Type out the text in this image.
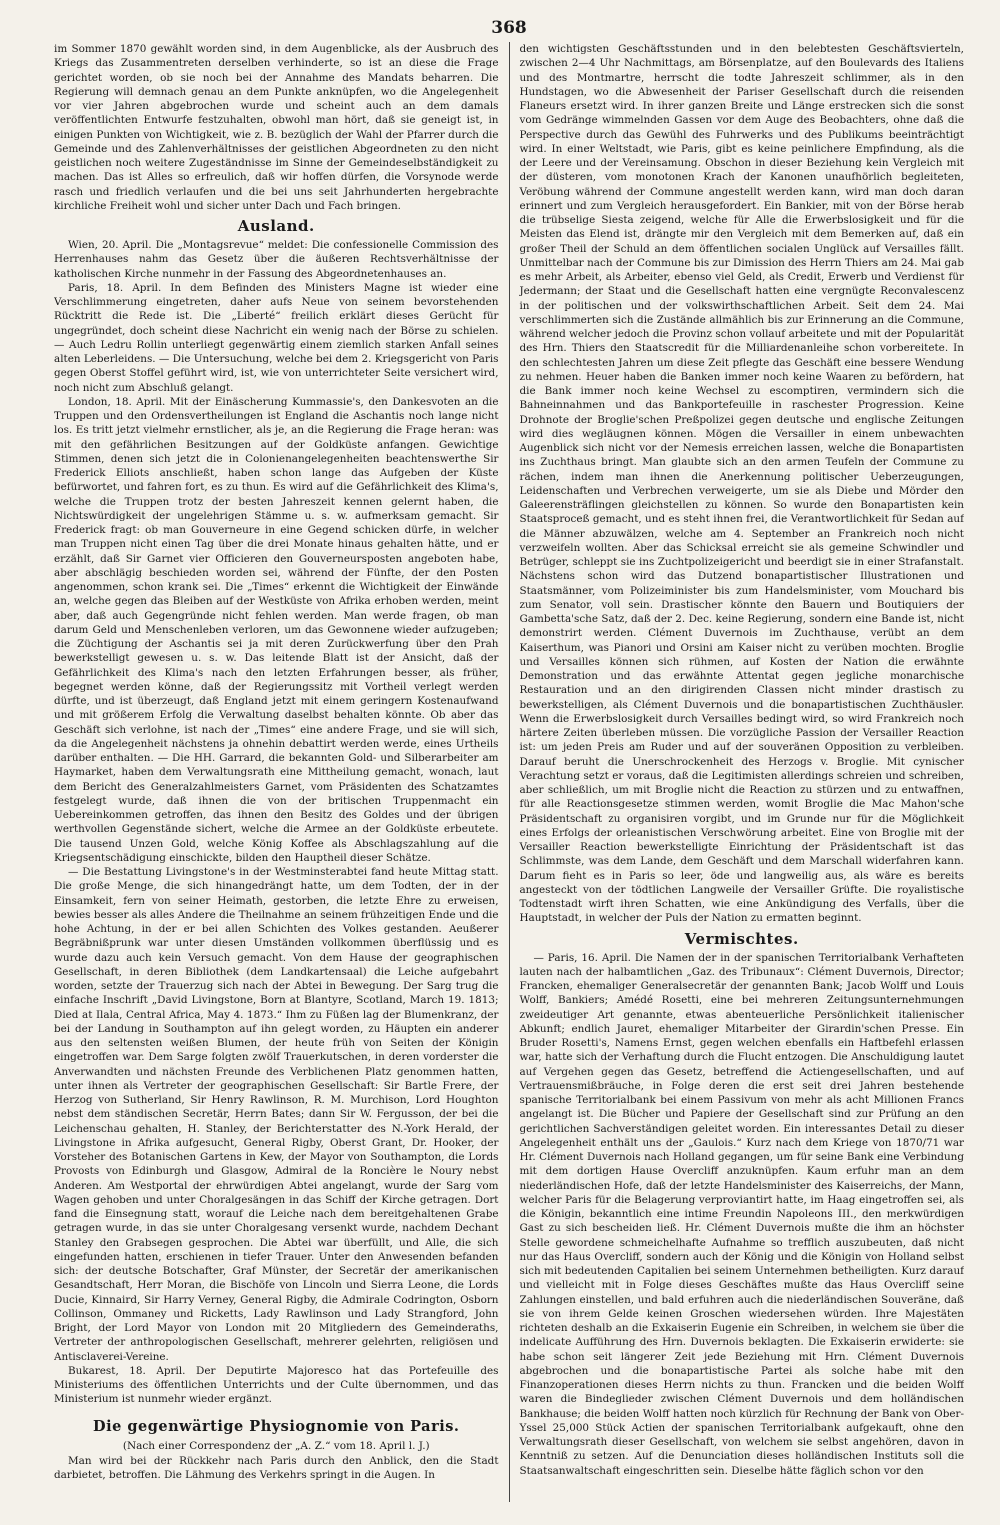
368

im Sommer 1870 gewählt worden sind, in dem Augenblicke, als der Ausbruch des Kriegs das Zusammentreten derselben verhinderte, so ist an diese die Frage gerichtet worden, ob sie noch bei der Annahme des Mandats beharren. Die Regierung will demnach genau an dem Punkte anknüpfen, wo die Angelegenheit vor vier Jahren abgebrochen wurde und scheint auch an dem damals veröffentlichten Entwurfe festzuhalten, obwohl man hört, daß sie geneigt ist, in einigen Punkten von Wichtigkeit, wie z. B. bezüglich der Wahl der Pfarrer durch die Gemeinde und des Zahlenverhältnisses der geistlichen Abgeordneten zu den nicht geistlichen noch weitere Zugeständnisse im Sinne der Gemeindeselbständigkeit zu machen. Das ist Alles so erfreulich, daß wir hoffen dürfen, die Vorsynode werde rasch und friedlich verlaufen und die bei uns seit Jahrhunderten hergebrachte kirchliche Freiheit wohl und sicher unter Dach und Fach bringen.

Ausland.

Wien, 20. April. Die „Montagsrevue“ meldet: Die confessionelle Commission des Herrenhauses nahm das Gesetz über die äußeren Rechtsverhältnisse der katholischen Kirche nunmehr in der Fassung des Abgeordnetenhauses an.

Paris, 18. April. In dem Befinden des Ministers Magne ist wieder eine Verschlimmerung eingetreten, daher aufs Neue von seinem bevorstehenden Rücktritt die Rede ist. Die „Liberté“ freilich erklärt dieses Gerücht für ungegründet, doch scheint diese Nachricht ein wenig nach der Börse zu schielen. — Auch Ledru Rollin unterliegt gegenwärtig einem ziemlich starken Anfall seines alten Leberleidens. — Die Untersuchung, welche bei dem 2. Kriegsgericht von Paris gegen Oberst Stoffel geführt wird, ist, wie von unterrichteter Seite versichert wird, noch nicht zum Abschluß gelangt.

London, 18. April. Mit der Einäscherung Kummassie's, den Dankesvoten an die Truppen und den Ordensvertheilungen ist England die Aschantis noch lange nicht los. Es tritt jetzt vielmehr ernstlicher, als je, an die Regierung die Frage heran: was mit den gefährlichen Besitzungen auf der Goldküste anfangen. Gewichtige Stimmen, denen sich jetzt die in Colonienangelegenheiten beachtenswerthe Sir Frederick Elliots anschließt, haben schon lange das Aufgeben der Küste befürwortet, und fahren fort, es zu thun. Es wird auf die Gefährlichkeit des Klima's, welche die Truppen trotz der besten Jahreszeit kennen gelernt haben, die Nichtswürdigkeit der ungelehrigen Stämme u. s. w. aufmerksam gemacht. Sir Frederick fragt: ob man Gouverneure in eine Gegend schicken dürfe, in welcher man Truppen nicht einen Tag über die drei Monate hinaus gehalten hätte, und er erzählt, daß Sir Garnet vier Officieren den Gouverneursposten angeboten habe, aber abschlägig beschieden worden sei, während der Fünfte, der den Posten angenommen, schon krank sei. Die „Times“ erkennt die Wichtigkeit der Einwände an, welche gegen das Bleiben auf der Westküste von Afrika erhoben werden, meint aber, daß auch Gegengründe nicht fehlen werden. Man werde fragen, ob man darum Geld und Menschenleben verloren, um das Gewonnene wieder aufzugeben; die Züchtigung der Aschantis sei ja mit deren Zurückwerfung über den Prah bewerkstelligt gewesen u. s. w. Das leitende Blatt ist der Ansicht, daß der Gefährlichkeit des Klima's nach den letzten Erfahrungen besser, als früher, begegnet werden könne, daß der Regierungssitz mit Vortheil verlegt werden dürfte, und ist überzeugt, daß England jetzt mit einem geringern Kostenaufwand und mit größerem Erfolg die Verwaltung daselbst behalten könnte. Ob aber das Geschäft sich verlohne, ist nach der „Times“ eine andere Frage, und sie will sich, da die Angelegenheit nächstens ja ohnehin debattirt werden werde, eines Urtheils darüber enthalten. — Die HH. Garrard, die bekannten Gold- und Silberarbeiter am Haymarket, haben dem Verwaltungsrath eine Mittheilung gemacht, wonach, laut dem Bericht des Generalzahlmeisters Garnet, vom Präsidenten des Schatzamtes festgelegt wurde, daß ihnen die von der britischen Truppenmacht ein Uebereinkommen getroffen, das ihnen den Besitz des Goldes und der übrigen werthvollen Gegenstände sichert, welche die Armee an der Goldküste erbeutete. Die tausend Unzen Gold, welche König Koffee als Abschlagszahlung auf die Kriegsentschädigung einschickte, bilden den Hauptheil dieser Schätze.

— Die Bestattung Livingstone's in der Westminsterabtei fand heute Mittag statt. Die große Menge, die sich hinangedrängt hatte, um dem Todten, der in der Einsamkeit, fern von seiner Heimath, gestorben, die letzte Ehre zu erweisen, bewies besser als alles Andere die Theilnahme an seinem frühzeitigen Ende und die hohe Achtung, in der er bei allen Schichten des Volkes gestanden. Aeußerer Begräbnißprunk war unter diesen Umständen vollkommen überflüssig und es wurde dazu auch kein Versuch gemacht. Von dem Hause der geographischen Gesellschaft, in deren Bibliothek (dem Landkartensaal) die Leiche aufgebahrt worden, setzte der Trauerzug sich nach der Abtei in Bewegung. Der Sarg trug die einfache Inschrift „David Livingstone, Born at Blantyre, Scotland, March 19. 1813; Died at Ilala, Central Africa, May 4. 1873.“ Ihm zu Füßen lag der Blumenkranz, der bei der Landung in Southampton auf ihn gelegt worden, zu Häupten ein anderer aus den seltensten weißen Blumen, der heute früh von Seiten der Königin eingetroffen war. Dem Sarge folgten zwölf Trauerkutschen, in deren vorderster die Anverwandten und nächsten Freunde des Verblichenen Platz genommen hatten, unter ihnen als Vertreter der geographischen Gesellschaft: Sir Bartle Frere, der Herzog von Sutherland, Sir Henry Rawlinson, R. M. Murchison, Lord Houghton nebst dem ständischen Secretär, Herrn Bates; dann Sir W. Fergusson, der bei die Leichenschau gehalten, H. Stanley, der Berichterstatter des N.-York Herald, der Livingstone in Afrika aufgesucht, General Rigby, Oberst Grant, Dr. Hooker, der Vorsteher des Botanischen Gartens in Kew, der Mayor von Southampton, die Lords Provosts von Edinburgh und Glasgow, Admiral de la Roncière le Noury nebst Anderen. Am Westportal der ehrwürdigen Abtei angelangt, wurde der Sarg vom Wagen gehoben und unter Choralgesängen in das Schiff der Kirche getragen. Dort fand die Einsegnung statt, worauf die Leiche nach dem bereitgehaltenen Grabe getragen wurde, in das sie unter Choralgesang versenkt wurde, nachdem Dechant Stanley den Grabsegen gesprochen. Die Abtei war überfüllt, und Alle, die sich eingefunden hatten, erschienen in tiefer Trauer. Unter den Anwesenden befanden sich: der deutsche Botschafter, Graf Münster, der Secretär der amerikanischen Gesandtschaft, Herr Moran, die Bischöfe von Lincoln und Sierra Leone, die Lords Ducie, Kinnaird, Sir Harry Verney, General Rigby, die Admirale Codrington, Osborn Collinson, Ommaney und Ricketts, Lady Rawlinson und Lady Strangford, John Bright, der Lord Mayor von London mit 20 Mitgliedern des Gemeinderaths, Vertreter der anthropologischen Gesellschaft, mehrerer gelehrten, religiösen und Antisclaverei-Vereine.

Bukarest, 18. April. Der Deputirte Majoresco hat das Portefeuille des Ministeriums des öffentlichen Unterrichts und der Culte übernommen, und das Ministerium ist nunmehr wieder ergänzt.

Die gegenwärtige Physiognomie von Paris.
(Nach einer Correspondenz der „A. Z.“ vom 18. April l. J.)

Man wird bei der Rückkehr nach Paris durch den Anblick, den die Stadt darbietet, betroffen. Die Lähmung des Verkehrs springt in die Augen. In

den wichtigsten Geschäftsstunden und in den belebtesten Geschäftsvierteln, zwischen 2—4 Uhr Nachmittags, am Börsenplatze, auf den Boulevards des Italiens und des Montmartre, herrscht die todte Jahreszeit schlimmer, als in den Hundstagen, wo die Abwesenheit der Pariser Gesellschaft durch die reisenden Flaneurs ersetzt wird. In ihrer ganzen Breite und Länge erstrecken sich die sonst vom Gedränge wimmelnden Gassen vor dem Auge des Beobachters, ohne daß die Perspective durch das Gewühl des Fuhrwerks und des Publikums beeinträchtigt wird. In einer Weltstadt, wie Paris, gibt es keine peinlichere Empfindung, als die der Leere und der Vereinsamung. Obschon in dieser Beziehung kein Vergleich mit der düsteren, vom monotonen Krach der Kanonen unaufhörlich begleiteten, Veröbung während der Commune angestellt werden kann, wird man doch daran erinnert und zum Vergleich herausgefordert. Ein Bankier, mit von der Börse herab die trübselige Siesta zeigend, welche für Alle die Erwerbslosigkeit und für die Meisten das Elend ist, drängte mir den Vergleich mit dem Bemerken auf, daß ein großer Theil der Schuld an dem öffentlichen socialen Unglück auf Versailles fällt. Unmittelbar nach der Commune bis zur Dimission des Herrn Thiers am 24. Mai gab es mehr Arbeit, als Arbeiter, ebenso viel Geld, als Credit, Erwerb und Verdienst für Jedermann; der Staat und die Gesellschaft hatten eine vergnügte Reconvalescenz in der politischen und der volkswirthschaftlichen Arbeit. Seit dem 24. Mai verschlimmerten sich die Zustände allmählich bis zur Erinnerung an die Commune, während welcher jedoch die Provinz schon vollauf arbeitete und mit der Popularität des Hrn. Thiers den Staatscredit für die Milliardenanleihe schon vorbereitete. In den schlechtesten Jahren um diese Zeit pflegte das Geschäft eine bessere Wendung zu nehmen. Heuer haben die Banken immer noch keine Waaren zu befördern, hat die Bank immer noch keine Wechsel zu escomptiren, vermindern sich die Bahneinnahmen und das Bankportefeuille in raschester Progression. Keine Drohnote der Broglie'schen Preßpolizei gegen deutsche und englische Zeitungen wird dies wegläugnen können. Mögen die Versailler in einem unbewachten Augenblick sich nicht vor der Nemesis erreichen lassen, welche die Bonapartisten ins Zuchthaus bringt. Man glaubte sich an den armen Teufeln der Commune zu rächen, indem man ihnen die Anerkennung politischer Ueberzeugungen, Leidenschaften und Verbrechen verweigerte, um sie als Diebe und Mörder den Galeerensträflingen gleichstellen zu können. So wurde den Bonapartisten kein Staatsproceß gemacht, und es steht ihnen frei, die Verantwortlichkeit für Sedan auf die Männer abzuwälzen, welche am 4. September an Frankreich noch nicht verzweifeln wollten. Aber das Schicksal erreicht sie als gemeine Schwindler und Betrüger, schleppt sie ins Zuchtpolizeigericht und beerdigt sie in einer Strafanstalt. Nächstens schon wird das Dutzend bonapartistischer Illustrationen und Staatsmänner, vom Polizeiminister bis zum Handelsminister, vom Mouchard bis zum Senator, voll sein. Drastischer könnte den Bauern und Boutiquiers der Gambetta'sche Satz, daß der 2. Dec. keine Regierung, sondern eine Bande ist, nicht demonstrirt werden. Clément Duvernois im Zuchthause, verübt an dem Kaiserthum, was Pianori und Orsini am Kaiser nicht zu verüben mochten. Broglie und Versailles können sich rühmen, auf Kosten der Nation die erwähnte Demonstration und das erwähnte Attentat gegen jegliche monarchische Restauration und an den dirigirenden Classen nicht minder drastisch zu bewerkstelligen, als Clément Duvernois und die bonapartistischen Zuchthäusler. Wenn die Erwerbslosigkeit durch Versailles bedingt wird, so wird Frankreich noch härtere Zeiten überleben müssen. Die vorzügliche Passion der Versailler Reaction ist: um jeden Preis am Ruder und auf der souveränen Opposition zu verbleiben. Darauf beruht die Unerschrockenheit des Herzogs v. Broglie. Mit cynischer Verachtung setzt er voraus, daß die Legitimisten allerdings schreien und schreiben, aber schließlich, um mit Broglie nicht die Reaction zu stürzen und zu entwaffnen, für alle Reactionsgesetze stimmen werden, womit Broglie die Mac Mahon'sche Präsidentschaft zu organisiren vorgibt, und im Grunde nur für die Möglichkeit eines Erfolgs der orleanistischen Verschwörung arbeitet. Eine von Broglie mit der Versailler Reaction bewerkstelligte Einrichtung der Präsidentschaft ist das Schlimmste, was dem Lande, dem Geschäft und dem Marschall widerfahren kann. Darum fieht es in Paris so leer, öde und langweilig aus, als wäre es bereits angesteckt von der tödtlichen Langweile der Versailler Grüfte. Die royalistische Todtenstadt wirft ihren Schatten, wie eine Ankündigung des Verfalls, über die Hauptstadt, in welcher der Puls der Nation zu ermatten beginnt.

Vermischtes.

— Paris, 16. April. Die Namen der in der spanischen Territorialbank Verhafteten lauten nach der halbamtlichen „Gaz. des Tribunaux“: Clément Duvernois, Director; Francken, ehemaliger Generalsecretär der genannten Bank; Jacob Wolff und Louis Wolff, Bankiers; Amédé Rosetti, eine bei mehreren Zeitungsunternehmungen zweideutiger Art genannte, etwas abenteuerliche Persönlichkeit italienischer Abkunft; endlich Jauret, ehemaliger Mitarbeiter der Girardin'schen Presse. Ein Bruder Rosetti's, Namens Ernst, gegen welchen ebenfalls ein Haftbefehl erlassen war, hatte sich der Verhaftung durch die Flucht entzogen. Die Anschuldigung lautet auf Vergehen gegen das Gesetz, betreffend die Actiengesellschaften, und auf Vertrauensmißbräuche, in Folge deren die erst seit drei Jahren bestehende spanische Territorialbank bei einem Passivum von mehr als acht Millionen Francs angelangt ist. Die Bücher und Papiere der Gesellschaft sind zur Prüfung an den gerichtlichen Sachverständigen geleitet worden. Ein interessantes Detail zu dieser Angelegenheit enthält uns der „Gaulois.“ Kurz nach dem Kriege von 1870/71 war Hr. Clément Duvernois nach Holland gegangen, um für seine Bank eine Verbindung mit dem dortigen Hause Overcliff anzuknüpfen. Kaum erfuhr man an dem niederländischen Hofe, daß der letzte Handelsminister des Kaiserreichs, der Mann, welcher Paris für die Belagerung verproviantirt hatte, im Haag eingetroffen sei, als die Königin, bekanntlich eine intime Freundin Napoleons III., den merkwürdigen Gast zu sich bescheiden ließ. Hr. Clément Duvernois mußte die ihm an höchster Stelle gewordene schmeichelhafte Aufnahme so trefflich auszubeuten, daß nicht nur das Haus Overcliff, sondern auch der König und die Königin von Holland selbst sich mit bedeutenden Capitalien bei seinem Unternehmen betheiligten. Kurz darauf und vielleicht mit in Folge dieses Geschäftes mußte das Haus Overcliff seine Zahlungen einstellen, und bald erfuhren auch die niederländischen Souveräne, daß sie von ihrem Gelde keinen Groschen wiedersehen würden. Ihre Majestäten richteten deshalb an die Exkaiserin Eugenie ein Schreiben, in welchem sie über die indelicate Aufführung des Hrn. Duvernois beklagten. Die Exkaiserin erwiderte: sie habe schon seit längerer Zeit jede Beziehung mit Hrn. Clément Duvernois abgebrochen und die bonapartistische Partei als solche habe mit den Finanzoperationen dieses Herrn nichts zu thun. Francken und die beiden Wolff waren die Bindeglieder zwischen Clément Duvernois und dem holländischen Bankhause; die beiden Wolff hatten noch kürzlich für Rechnung der Bank von Ober-Yssel 25,000 Stück Actien der spanischen Territorialbank aufgekauft, ohne den Verwaltungsrath dieser Gesellschaft, von welchem sie selbst angehören, davon in Kenntniß zu setzen. Auf die Denunciation dieses holländischen Instituts soll die Staatsanwaltschaft eingeschritten sein. Dieselbe hätte fäglich schon vor den
